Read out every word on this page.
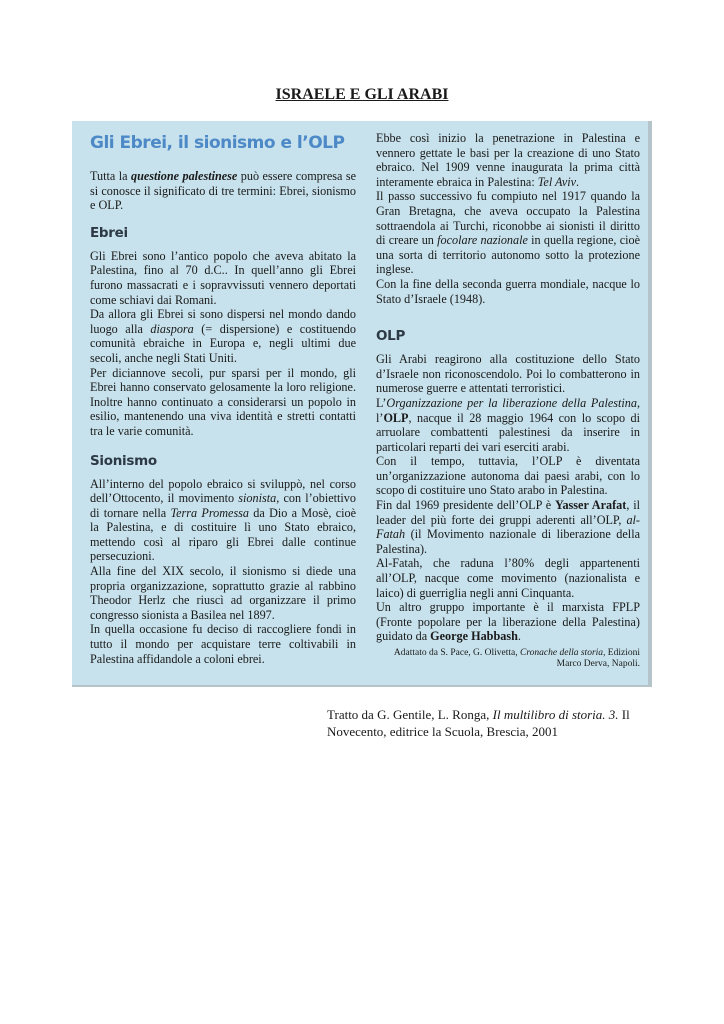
ISRAELE E GLI ARABI
Gli Ebrei, il sionismo e l’OLP

Tutta la questione palestinese può essere compresa se si conosce il significato di tre termini: Ebrei, sionismo e OLP.

Ebrei

Gli Ebrei sono l’antico popolo che aveva abitato la Palestina, fino al 70 d.C.. In quell’anno gli Ebrei furono massacrati e i sopravvissuti vennero deportati come schiavi dai Romani.

Da allora gli Ebrei si sono dispersi nel mondo dando luogo alla diaspora (= dispersione) e costituendo comunità ebraiche in Europa e, negli ultimi due secoli, anche negli Stati Uniti.

Per diciannove secoli, pur sparsi per il mondo, gli Ebrei hanno conservato gelosamente la loro religione. Inoltre hanno continuato a considerarsi un popolo in esilio, mantenendo una viva identità e stretti contatti tra le varie comunità.

Sionismo

All’interno del popolo ebraico si sviluppò, nel corso dell’Ottocento, il movimento sionista, con l’obiettivo di tornare nella Terra Promessa da Dio a Mosè, cioè la Palestina, e di costituire lì uno Stato ebraico, mettendo così al riparo gli Ebrei dalle continue persecuzioni.

Alla fine del XIX secolo, il sionismo si diede una propria organizzazione, soprattutto grazie al rabbino Theodor Herlz che riuscì ad organizzare il primo congresso sionista a Basilea nel 1897.

In quella occasione fu deciso di raccogliere fondi in tutto il mondo per acquistare terre coltivabili in Palestina affidandole a coloni ebrei.

Ebbe così inizio la penetrazione in Palestina e vennero gettate le basi per la creazione di uno Stato ebraico. Nel 1909 venne inaugurata la prima città interamente ebraica in Palestina: Tel Aviv.

Il passo successivo fu compiuto nel 1917 quando la Gran Bretagna, che aveva occupato la Palestina sottraendola ai Turchi, riconobbe ai sionisti il diritto di creare un focolare nazionale in quella regione, cioè una sorta di territorio autonomo sotto la protezione inglese.

Con la fine della seconda guerra mondiale, nacque lo Stato d’Israele (1948).

OLP

Gli Arabi reagirono alla costituzione dello Stato d’Israele non riconoscendolo. Poi lo combatterono in numerose guerre e attentati terroristici.

L’Organizzazione per la liberazione della Palestina, l’OLP, nacque il 28 maggio 1964 con lo scopo di arruolare combattenti palestinesi da inserire in particolari reparti dei vari eserciti arabi.

Con il tempo, tuttavia, l’OLP è diventata un’organizzazione autonoma dai paesi arabi, con lo scopo di costituire uno Stato arabo in Palestina.

Fin dal 1969 presidente dell’OLP è Yasser Arafat, il leader del più forte dei gruppi aderenti all’OLP, al-Fatah (il Movimento nazionale di liberazione della Palestina).

Al-Fatah, che raduna l’80% degli appartenenti all’OLP, nacque come movimento (nazionalista e laico) di guerriglia negli anni Cinquanta.

Un altro gruppo importante è il marxista FPLP (Fronte popolare per la liberazione della Palestina) guidato da George Habbash.

Adattato da S. Pace, G. Olivetta, Cronache della storia, Edizioni Marco Derva, Napoli.

Tratto da G. Gentile, L. Ronga, Il multilibro di storia. 3. Il Novecento, editrice la Scuola, Brescia, 2001
